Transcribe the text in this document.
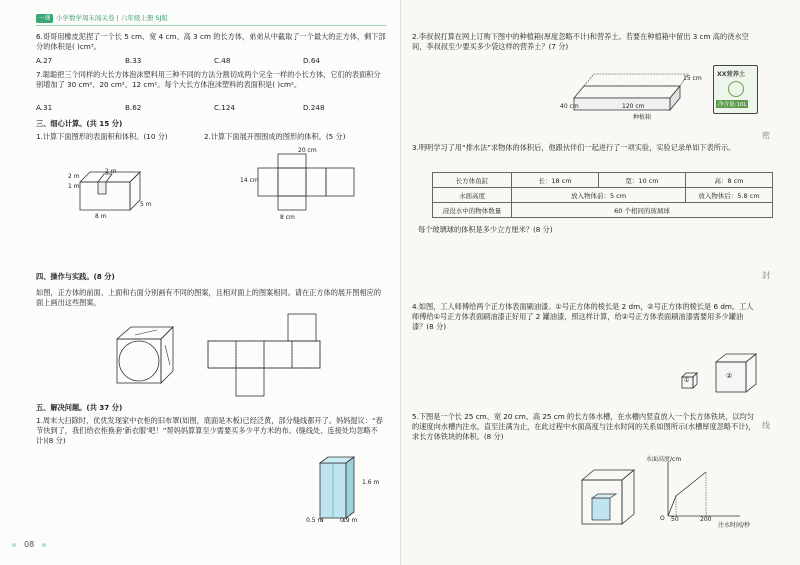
一课 小学数学周末闯关卷 | 六年级上册 SJ版
6.哥哥用橡皮泥捏了一个长 5 cm、宽 4 cm、高 3 cm 的长方体，弟弟从中截取了一个最大的正方体，剩下部分的体积是( )cm³。
A.27	B.33	C.48	D.64
7.聪聪把三个同样的大长方体泡沫塑料用三种不同的方法分割切成两个完全一样的小长方体，它们的表面积分别增加了 30 cm²、20 cm²、12 cm²。每个大长方体泡沫塑料的表面积是( )cm²。
A.31	B.62	C.124	D.248
三、细心计算。(共 15 分)
1.计算下面图形的表面积和体积。(10 分)	2.计算下面展开图围成的图形的体积。(5 分)
2 m
1 m
5 m
8 m
2 m
20 cm
14 cm
8 cm
四、操作与实践。(8 分)
如图，正方体的前面、上面和右面分别画有不同的图案，且相对面上的图案相同。请在正方体的展开图相应的面上画出这些图案。
五、解决问题。(共 37 分)
1.周末大扫除时，优优发现家中衣柜的旧布罩(如图，底面是木板)已经泛黄，部分缝线都开了。妈妈提议：“春节快到了，我们给衣柜换套‘新衣服’吧！”帮妈妈算算至少需要买多少平方米的布。(缝线处、连接处均忽略不计)(8 分)
1.6 m
0.5 m	0.9 m
08
2.李叔叔打算在网上订购下图中的种植箱(厚度忽略不计)和营养土。若要在种植箱中留出 3 cm 高的浇水空间，李叔叔至少要买多少袋这样的营养土？(7 分)
15 cm
40 cm	120 cm
种植箱
XX营养土
净含量:10L
3.明明学习了用“排水法”求物体的体积后，他跟伙伴们一起进行了一项实验，实验记录单如下表所示。
长方体鱼缸	长：18 cm	宽：10 cm	高：8 cm
水面高度	放入物体前：5 cm		放入物体后：5.8 cm
浸没水中的物体数量	60 个相同的玻璃球		
每个玻璃球的体积是多少立方厘米？(8 分)
4.如图，工人师傅给两个正方体表面刷油漆。①号正方体的棱长是 2 dm，②号正方体的棱长是 6 dm。工人师傅给①号正方体表面刷油漆正好用了 2 罐油漆，照这样计算，给②号正方体表面刷油漆需要用多少罐油漆？(8 分)
①
②
5.下图是一个长 25 cm、宽 20 cm、高 25 cm 的长方体水槽，在水槽内竖直放入一个长方体铁块，以均匀的速度向水槽内注水，直至注满为止，在此过程中水面高度与注水时间的关系如图所示(水槽厚度忽略不计)，求长方体铁块的体积。(8 分)
水面高度/cm
O 50	200
注水时间/秒
密
封
线
